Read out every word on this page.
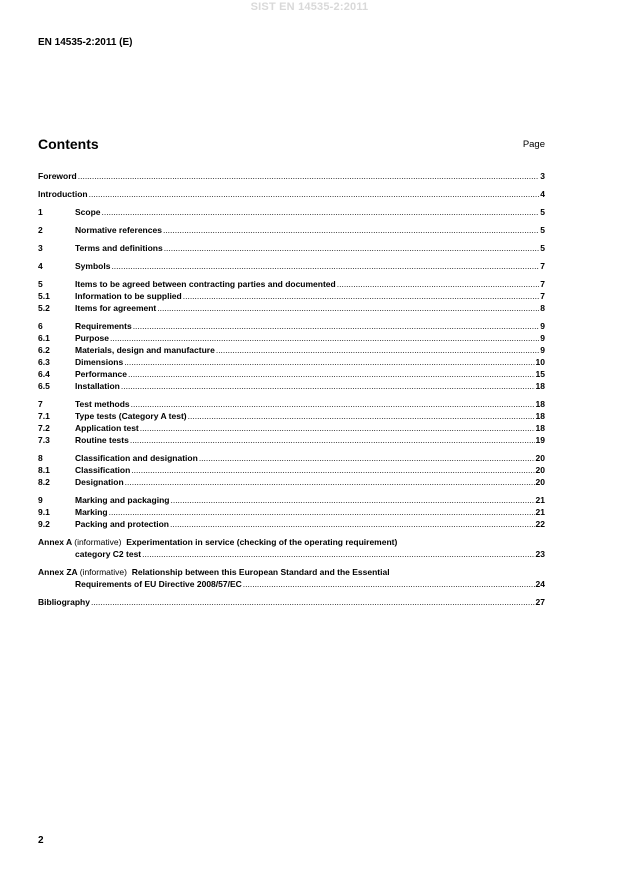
SIST EN 14535-2:2011
EN 14535-2:2011 (E)
Contents	Page
Foreword .....	3
Introduction .....	4
1	Scope .....	5
2	Normative references .....	5
3	Terms and definitions .....	5
4	Symbols .....	7
5	Items to be agreed between contracting parties and documented .....	7
5.1	Information to be supplied .....	7
5.2	Items for agreement .....	8
6	Requirements .....	9
6.1	Purpose .....	9
6.2	Materials, design and manufacture .....	9
6.3	Dimensions .....	10
6.4	Performance .....	15
6.5	Installation .....	18
7	Test methods .....	18
7.1	Type tests (Category A test) .....	18
7.2	Application test .....	18
7.3	Routine tests .....	19
8	Classification and designation .....	20
8.1	Classification .....	20
8.2	Designation .....	20
9	Marking and packaging .....	21
9.1	Marking .....	21
9.2	Packing and protection .....	22
Annex A (informative) Experimentation in service (checking of the operating requirement)
category C2 test .....	23
Annex ZA (informative) Relationship between this European Standard and the Essential
Requirements of EU Directive 2008/57/EC .....	24
Bibliography .....	27
2
